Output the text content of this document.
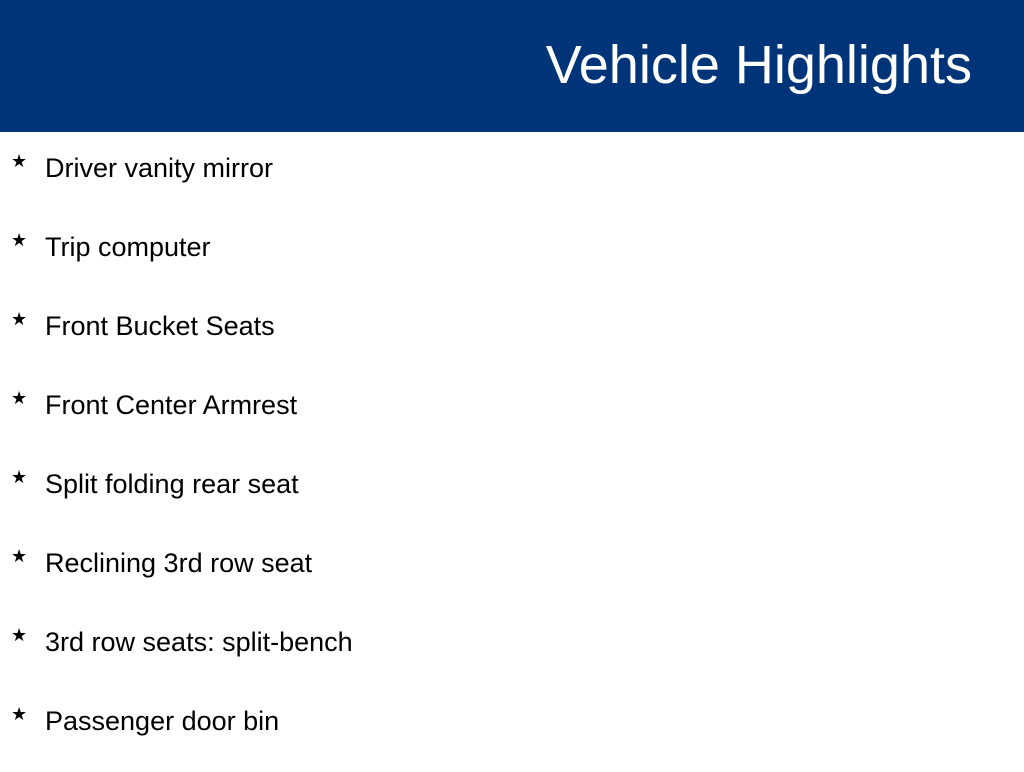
Vehicle Highlights
★ Driver vanity mirror
★ Trip computer
★ Front Bucket Seats
★ Front Center Armrest
★ Split folding rear seat
★ Reclining 3rd row seat
★ 3rd row seats: split-bench
★ Passenger door bin
